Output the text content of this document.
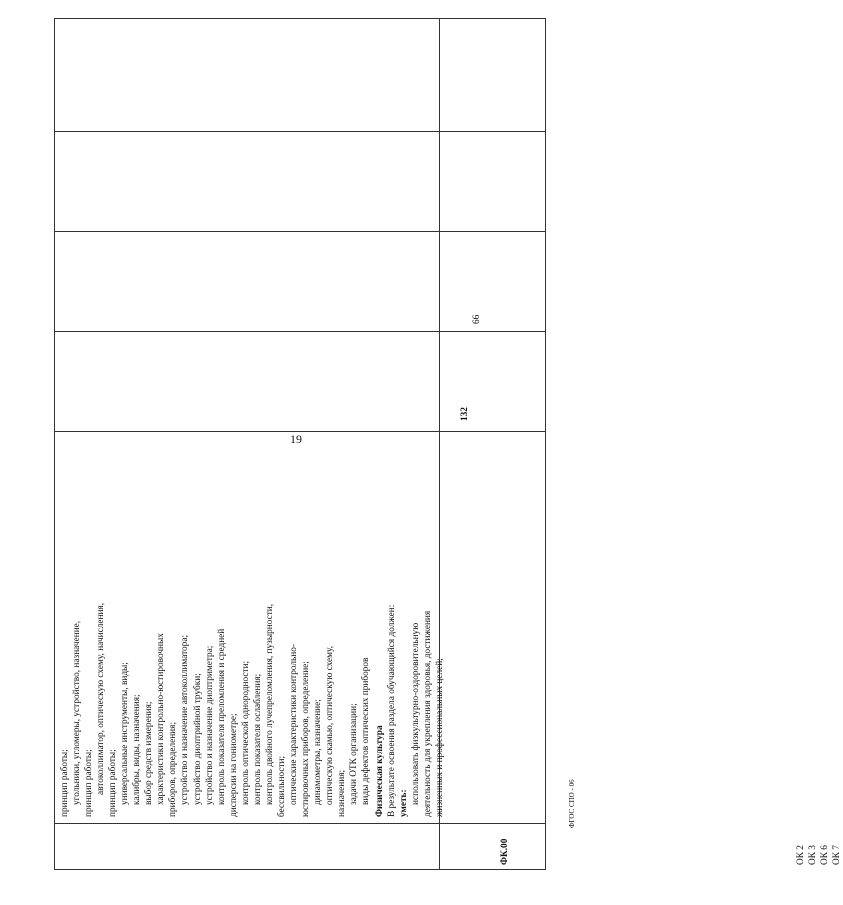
принцип работы; угольники, угломеры, устройство, назначение, принцип работы; автоколлиматор, оптическую схему, начисления, принцип работы; универсальные инструменты, виды; калибры, виды, назначения; выбор средств измерения; характеристики контрольно-юстировочных приборов, определения; устройство и назначение автоколлиматора; устройство диоптрийной трубки; устройство и назначение диоптриметра; контроль показателя преломления и средней дисперсии на гониометре; контроль оптической однородности; контроль показателя ослабления; контроль двойного лучепреломления, пузырности, бессвильности; оптические характеристики контрольно- юстировочных приборов, определение; динамометры, назначение; оптическую скамью, оптическую схему, назначения; задачи ОТК организации; виды дефектов оптических приборов Физическая культура В результате освоения раздела обучающийся должен: уметь: использовать физкультурно-оздоровительную деятельность для укрепления здоровья, достижения жизненных и профессиональных целей;
ФК.00
132
66
ОК 2 ОК 3 ОК 6 ОК 7
19
ФГОС СПО - 06
